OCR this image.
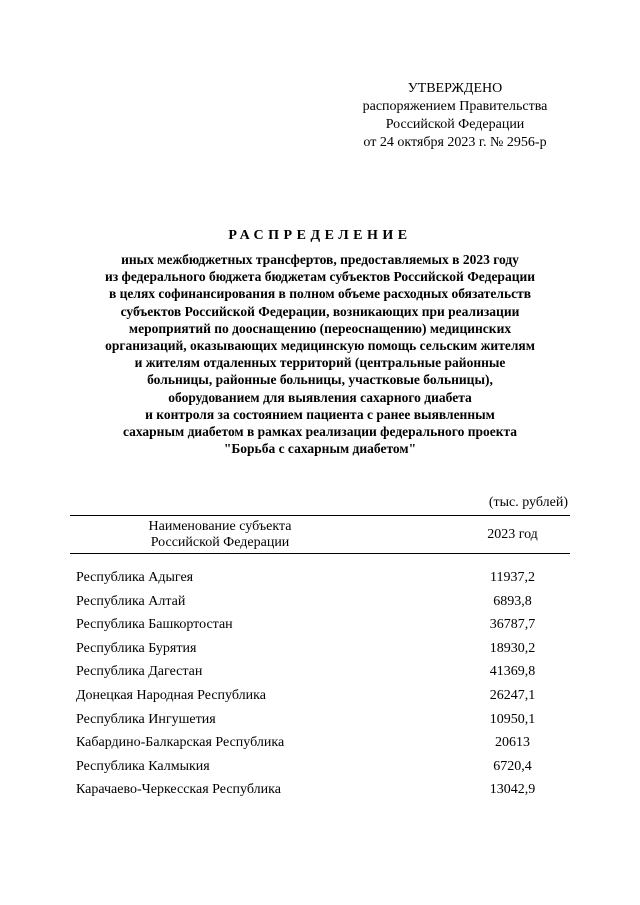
УТВЕРЖДЕНО
распоряжением Правительства
Российской Федерации
от 24 октября 2023 г. № 2956-р
РАСПРЕДЕЛЕНИЕ
иных межбюджетных трансфертов, предоставляемых в 2023 году
из федерального бюджета бюджетам субъектов Российской Федерации
в целях софинансирования в полном объеме расходных обязательств
субъектов Российской Федерации, возникающих при реализации
мероприятий по дооснащению (переоснащению) медицинских
организаций, оказывающих медицинскую помощь сельским жителям
и жителям отдаленных территорий (центральные районные
больницы, районные больницы, участковые больницы),
оборудованием для выявления сахарного диабета
и контроля за состоянием пациента с ранее выявленным
сахарным диабетом в рамках реализации федерального проекта
"Борьба с сахарным диабетом"
(тыс. рублей)
Наименование субъекта
Российской Федерации
2023 год
Республика Адыгея	11937,2
Республика Алтай	6893,8
Республика Башкортостан	36787,7
Республика Бурятия	18930,2
Республика Дагестан	41369,8
Донецкая Народная Республика	26247,1
Республика Ингушетия	10950,1
Кабардино-Балкарская Республика	20613
Республика Калмыкия	6720,4
Карачаево-Черкесская Республика	13042,9
